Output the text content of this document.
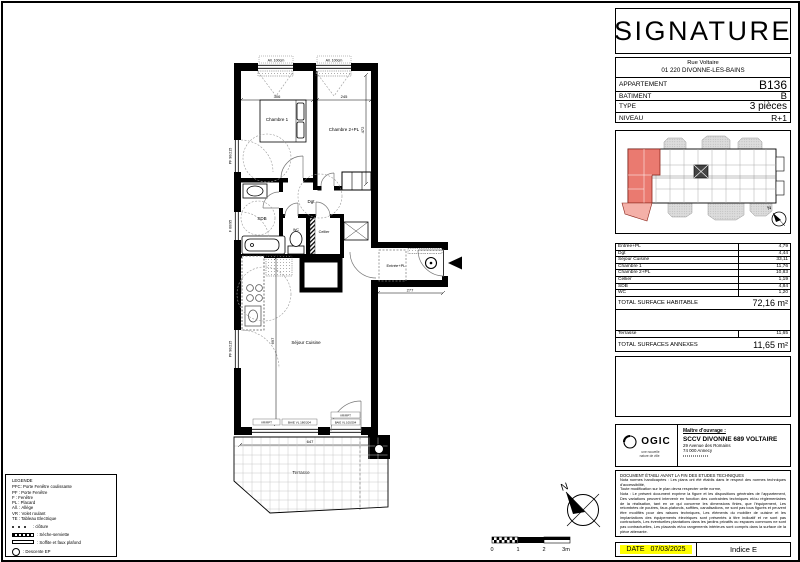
306	245
472
277
697
647
Chambre 1
Chambre 2+PL
SDB
Dgt
WC	Cellier
Entrée+PL
Séjour Cuisine
Terrasse
All. 100cm	All. 100cm
PF 90/215
F 60/95
PF 90/215
VR/RPT	BAIE VL 180/204
VR/RPT
BAIE VL 100/204
N
0	1	2	3m
LEGENDE
PFC: Porte Fenêtre coulissante
PF : Porte Fenêtre
F : Fenêtre
PL : Placard
All. : Allège
VR : Volet roulant
TE : Tableau Electrique
: clôture
: Sèche-serviette
: Soffite et faux plafond
: Descente EP
SIGNATURE
Rue Voltaire
01 220 DIVONNE-LES-BAINS
APPARTEMENT	B136
BATIMENT	B
TYPE	3 pièces
NIVEAU	R+1
N
Entrée+PL	4,79
Dgt	4,44
Séjour Cuisine	33,11
Chambre 1	11,76
Chambre 2+PL	10,83
Cellier	1,19
SDB	4,84
WC	1,20
TOTAL SURFACE HABITABLE	72,16 m²
Terrasse	11,65
TOTAL SURFACES ANNEXES	11,65 m²
OGIC
une nouvelle nature de ville
Maître d'ouvrage :
SCCV DIVONNE 689 VOLTAIRE
29 Avenue des Romains
74 000 Annecy
DOCUMENT ÉTABLI AVANT LA FIN DES ETUDES TECHNIQUES
Nota normes handicapées : Les plans ont été établis dans le respect des normes techniques d'accessibilité,
Toute modification sur le plan devra respecter cette norme,
Nota : Le présent document exprime la figure et les dispositions générales de l'appartement, Des variations peuvent intervenir en fonction des contraintes techniques et/ou réglementaires de la réalisation, tant en ce qui concerne les dimensions finies, que l'équipement, Les retombées de poutres, faux-plafonds, soffites, canalisations, ne sont pas tous figurés et peuvent être modifiés pour des raisons techniques, Les éléments du mobilier de cuisine et les implantations des équipements électriques sont présentés à titre indicatif et ne sont pas contractuels, Les éventuelles plantations dans les jardins privatifs ou espaces communs ne sont pas contractuelles, Les placards et/ou rangements intérieurs sont compris dans la surface de la pièce attenante.
DATE 07/03/2025	Indice E
